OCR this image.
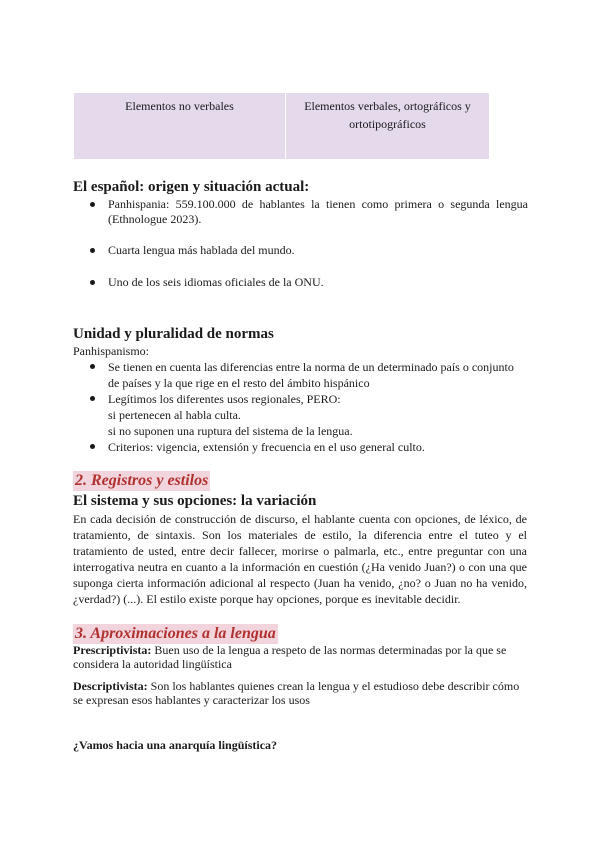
Elementos no verbales	Elementos verbales, ortográficos y ortotipográficos
El español: origen y situación actual:
Panhispania: 559.100.000 de hablantes la tienen como primera o segunda lengua (Ethnologue 2023).
Cuarta lengua más hablada del mundo.
Uno de los seis idiomas oficiales de la ONU.
Unidad y pluralidad de normas

Panhispanismo:

Se tienen en cuenta las diferencias entre la norma de un determinado país o conjunto de países y la que rige en el resto del ámbito hispánico
Legítimos los diferentes usos regionales, PERO:
si pertenecen al habla culta.
si no suponen una ruptura del sistema de la lengua.
Criterios: vigencia, extensión y frecuencia en el uso general culto.
2. Registros y estilos
El sistema y sus opciones: la variación

En cada decisión de construcción de discurso, el hablante cuenta con opciones, de léxico, de tratamiento, de sintaxis. Son los materiales de estilo, la diferencia entre el tuteo y el tratamiento de usted, entre decir fallecer, morirse o palmarla, etc., entre preguntar con una interrogativa neutra en cuanto a la información en cuestión (¿Ha venido Juan?) o con una que suponga cierta información adicional al respecto (Juan ha venido, ¿no? o Juan no ha venido, ¿verdad?) (...). El estilo existe porque hay opciones, porque es inevitable decidir.

3. Aproximaciones a la lengua

Prescriptivista: Buen uso de la lengua a respeto de las normas determinadas por la que se considera la autoridad lingüística

Descriptivista: Son los hablantes quienes crean la lengua y el estudioso debe describir cómo se expresan esos hablantes y caracterizar los usos

¿Vamos hacia una anarquía lingüística?
